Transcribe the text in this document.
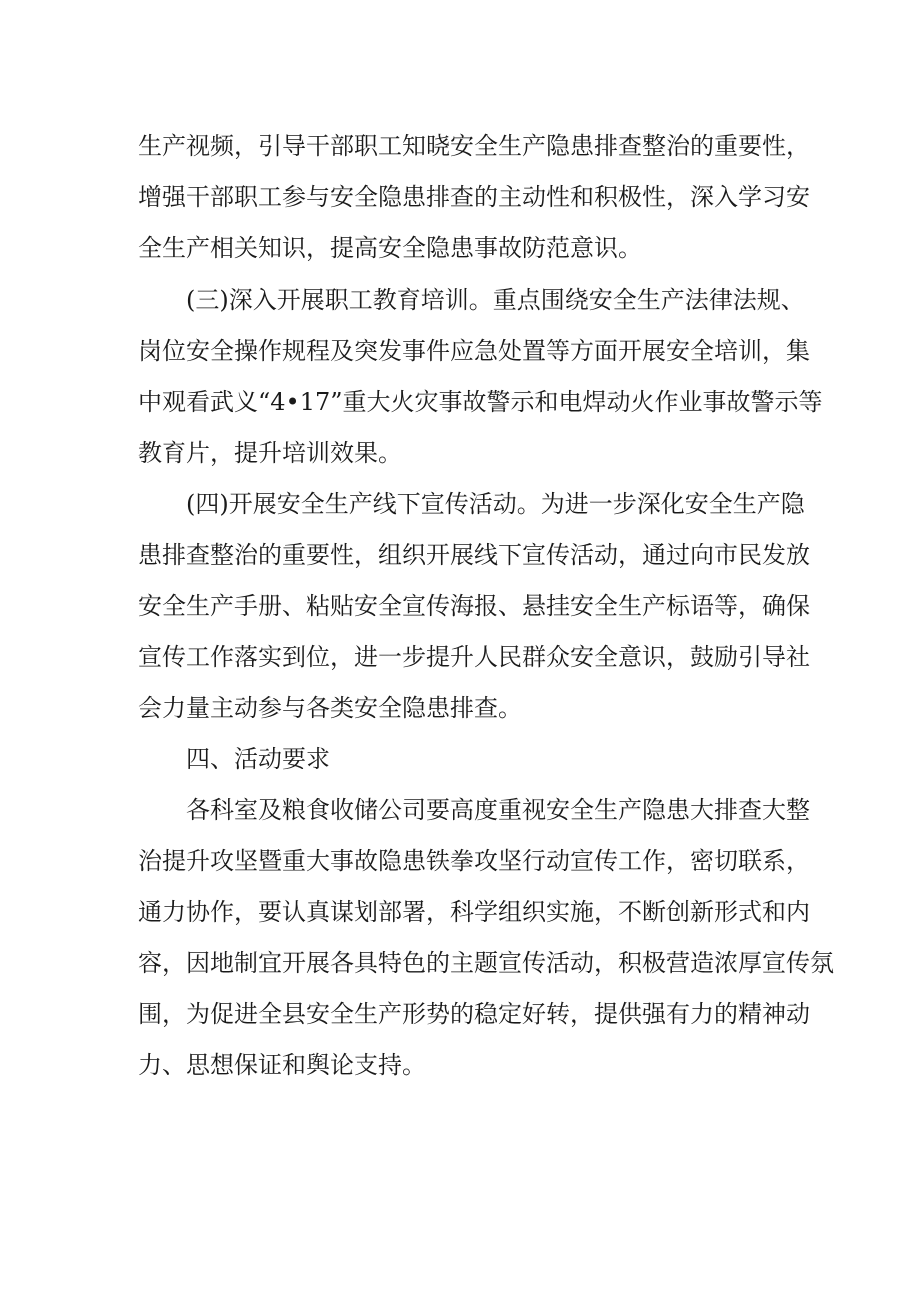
生产视频，引导干部职工知晓安全生产隐患排查整治的重要性，
增强干部职工参与安全隐患排查的主动性和积极性，深入学习安
全生产相关知识，提高安全隐患事故防范意识。
(三)深入开展职工教育培训。重点围绕安全生产法律法规、
岗位安全操作规程及突发事件应急处置等方面开展安全培训，集
中观看武义“4•17”重大火灾事故警示和电焊动火作业事故警示等
教育片，提升培训效果。
(四)开展安全生产线下宣传活动。为进一步深化安全生产隐
患排查整治的重要性，组织开展线下宣传活动，通过向市民发放
安全生产手册、粘贴安全宣传海报、悬挂安全生产标语等，确保
宣传工作落实到位，进一步提升人民群众安全意识，鼓励引导社
会力量主动参与各类安全隐患排查。
四、活动要求
各科室及粮食收储公司要高度重视安全生产隐患大排查大整
治提升攻坚暨重大事故隐患铁拳攻坚行动宣传工作，密切联系，
通力协作，要认真谋划部署，科学组织实施，不断创新形式和内
容，因地制宜开展各具特色的主题宣传活动，积极营造浓厚宣传氛
围，为促进全县安全生产形势的稳定好转，提供强有力的精神动
力、思想保证和舆论支持。
